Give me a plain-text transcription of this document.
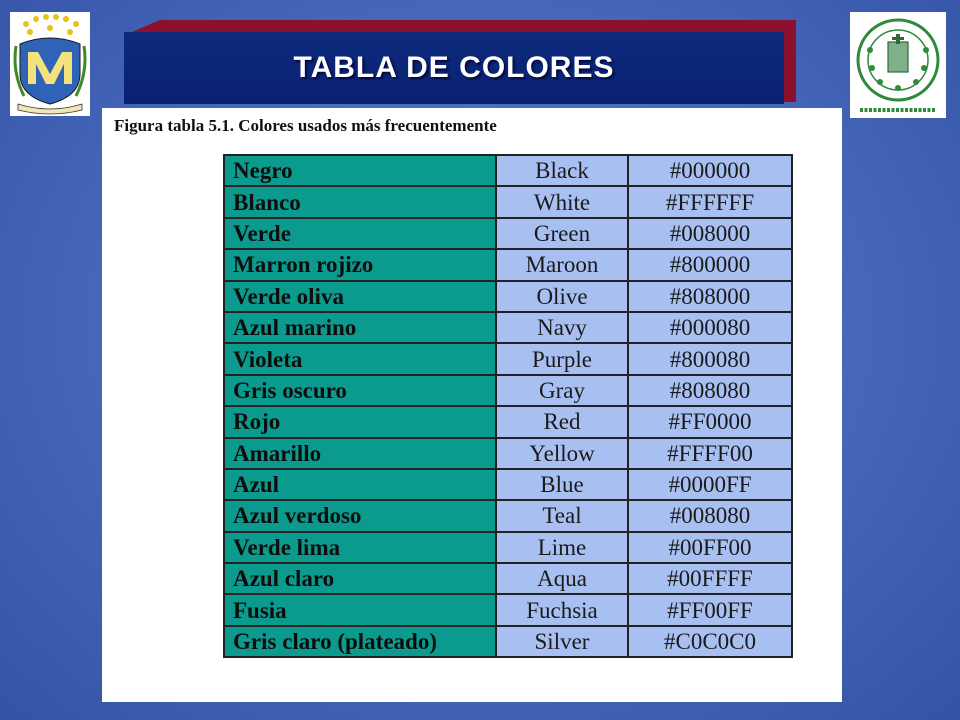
TABLA DE COLORES
Figura tabla 5.1. Colores usados más frecuentemente
Negro	Black	#000000
Blanco	White	#FFFFFF
Verde	Green	#008000
Marron rojizo	Maroon	#800000
Verde oliva	Olive	#808000
Azul marino	Navy	#000080
Violeta	Purple	#800080
Gris oscuro	Gray	#808080
Rojo	Red	#FF0000
Amarillo	Yellow	#FFFF00
Azul	Blue	#0000FF
Azul verdoso	Teal	#008080
Verde lima	Lime	#00FF00
Azul claro	Aqua	#00FFFF
Fusia	Fuchsia	#FF00FF
Gris claro (plateado)	Silver	#C0C0C0
